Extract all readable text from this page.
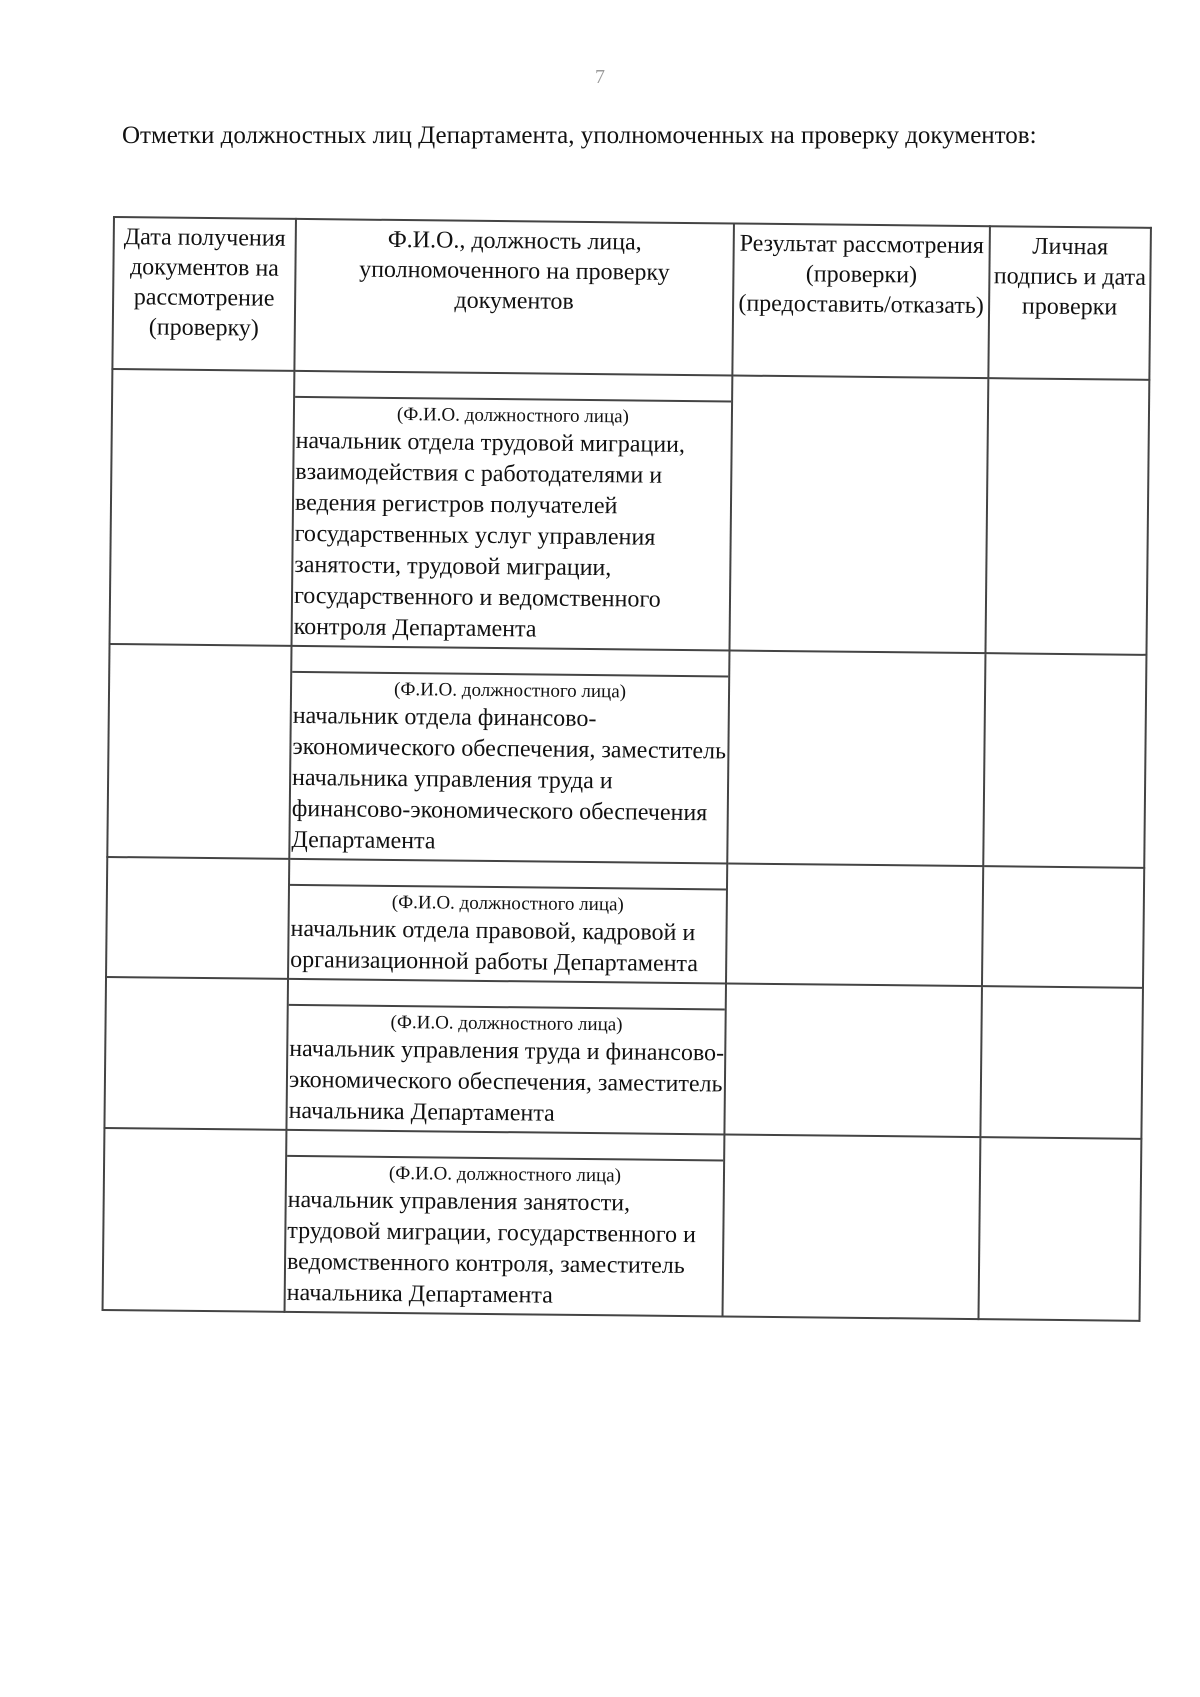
7
Отметки должностных лиц Департамента, уполномоченных на проверку документов:
Дата получения документов на рассмотрение (проверку)	Ф.И.О., должность лица, уполномоченного на проверку документов	Результат рассмотрения (проверки) (предоставить/отказать)	Личная подпись и дата проверки

	(Ф.И.О. должностного лица)
начальник отдела трудовой миграции, взаимодействия с работодателями и ведения регистров получателей государственных услуг управления занятости, трудовой миграции, государственного и ведомственного контроля Департамента		

	(Ф.И.О. должностного лица)
начальник отдела финансово-экономического обеспечения, заместитель начальника управления труда и финансово-экономического обеспечения Департамента		

	(Ф.И.О. должностного лица)
начальник отдела правовой, кадровой и организационной работы Департамента		

	(Ф.И.О. должностного лица)
начальник управления труда и финансово-экономического обеспечения, заместитель начальника Департамента		

	(Ф.И.О. должностного лица)
начальник управления занятости, трудовой миграции, государственного и ведомственного контроля, заместитель начальника Департамента		
